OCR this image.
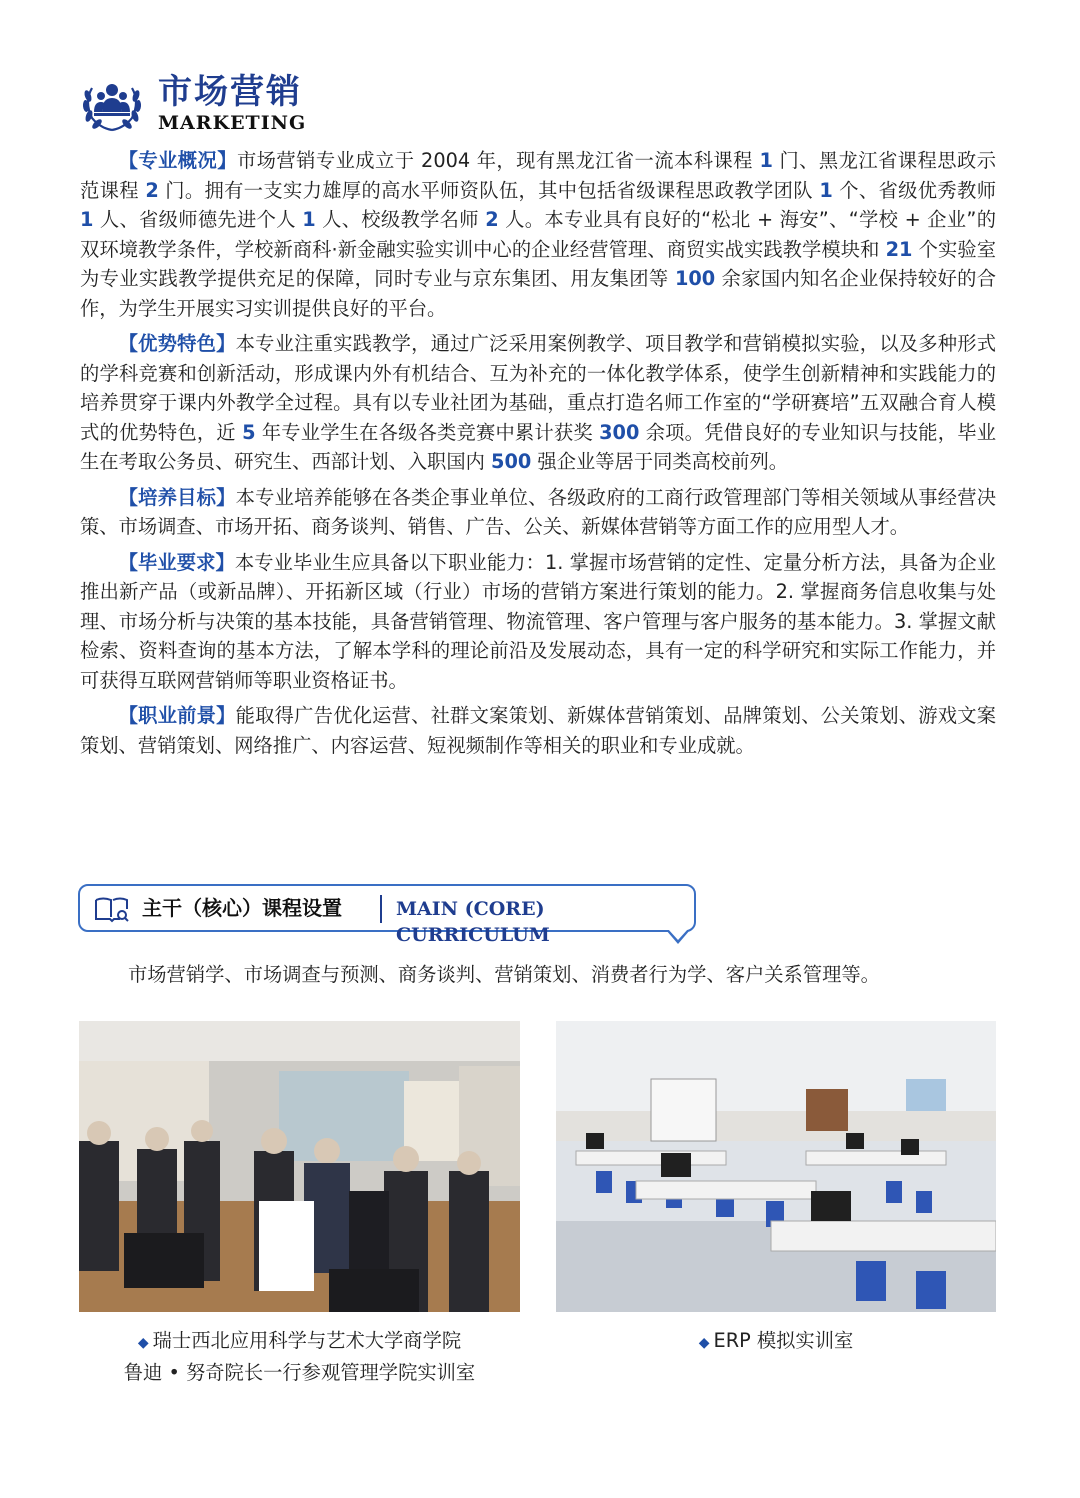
市场营销
MARKETING

【专业概况】市场营销专业成立于 2004 年，现有黑龙江省一流本科课程 1 门、黑龙江省课程思政示范课程 2 门。拥有一支实力雄厚的高水平师资队伍，其中包括省级课程思政教学团队 1 个、省级优秀教师 1 人、省级师德先进个人 1 人、校级教学名师 2 人。本专业具有良好的“松北 + 海安”、“学校 + 企业”的双环境教学条件，学校新商科·新金融实验实训中心的企业经营管理、商贸实战实践教学模块和 21 个实验室为专业实践教学提供充足的保障，同时专业与京东集团、用友集团等 100 余家国内知名企业保持较好的合作，为学生开展实习实训提供良好的平台。

【优势特色】本专业注重实践教学，通过广泛采用案例教学、项目教学和营销模拟实验，以及多种形式的学科竞赛和创新活动，形成课内外有机结合、互为补充的一体化教学体系，使学生创新精神和实践能力的培养贯穿于课内外教学全过程。具有以专业社团为基础，重点打造名师工作室的“学研赛培”五双融合育人模式的优势特色，近 5 年专业学生在各级各类竞赛中累计获奖 300 余项。凭借良好的专业知识与技能，毕业生在考取公务员、研究生、西部计划、入职国内 500 强企业等居于同类高校前列。

【培养目标】本专业培养能够在各类企事业单位、各级政府的工商行政管理部门等相关领域从事经营决策、市场调查、市场开拓、商务谈判、销售、广告、公关、新媒体营销等方面工作的应用型人才。

【毕业要求】本专业毕业生应具备以下职业能力：1. 掌握市场营销的定性、定量分析方法，具备为企业推出新产品（或新品牌）、开拓新区域（行业）市场的营销方案进行策划的能力。2. 掌握商务信息收集与处理、市场分析与决策的基本技能，具备营销管理、物流管理、客户管理与客户服务的基本能力。3. 掌握文献检索、资料查询的基本方法，了解本学科的理论前沿及发展动态，具有一定的科学研究和实际工作能力，并可获得互联网营销师等职业资格证书。

【职业前景】能取得广告优化运营、社群文案策划、新媒体营销策划、品牌策划、公关策划、游戏文案策划、营销策划、网络推广、内容运营、短视频制作等相关的职业和专业成就。

主干（核心）课程设置	MAIN (CORE) CURRICULUM
市场营销学、市场调查与预测、商务谈判、营销策划、消费者行为学、客户关系管理等。
◆ 瑞士西北应用科学与艺术大学商学院
鲁迪 • 努奇院长一行参观管理学院实训室
◆ ERP 模拟实训室
